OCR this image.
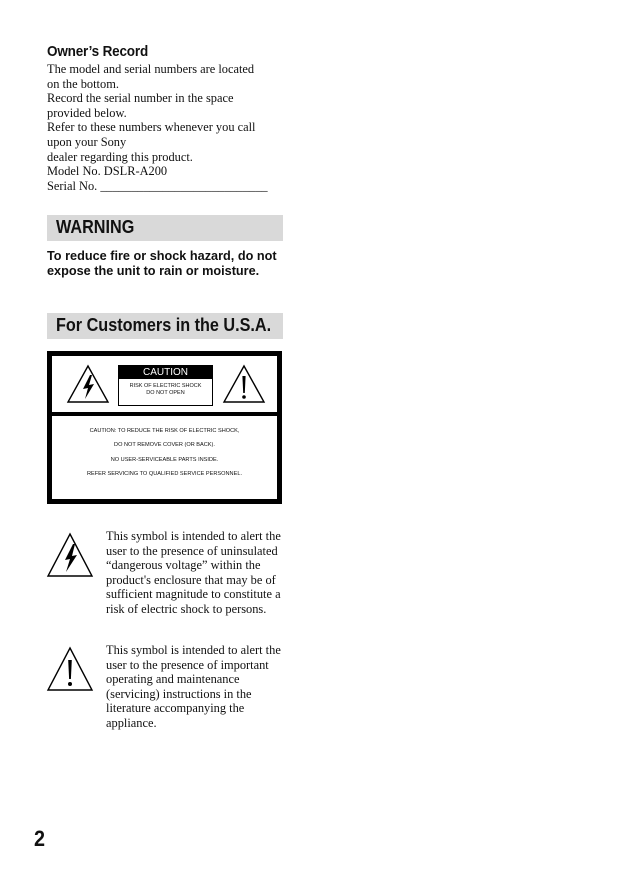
Owner’s Record
The model and serial numbers are located
on the bottom.
Record the serial number in the space
provided below.
Refer to these numbers whenever you call
upon your Sony
dealer regarding this product.
Model No. DSLR-A200
Serial No. ___________________________
WARNING
To reduce fire or shock hazard, do not expose the unit to rain or moisture.
For Customers in the U.S.A.
CAUTION
RISK OF ELECTRIC SHOCK
DO NOT OPEN
CAUTION: TO REDUCE THE RISK OF ELECTRIC SHOCK,
DO NOT REMOVE COVER (OR BACK).
NO USER-SERVICEABLE PARTS INSIDE.
REFER SERVICING TO QUALIFIED SERVICE PERSONNEL.
This symbol is intended to alert the user to the presence of uninsulated “dangerous voltage” within the product's enclosure that may be of sufficient magnitude to constitute a risk of electric shock to persons.
This symbol is intended to alert the user to the presence of important operating and maintenance (servicing) instructions in the literature accompanying the appliance.
2
